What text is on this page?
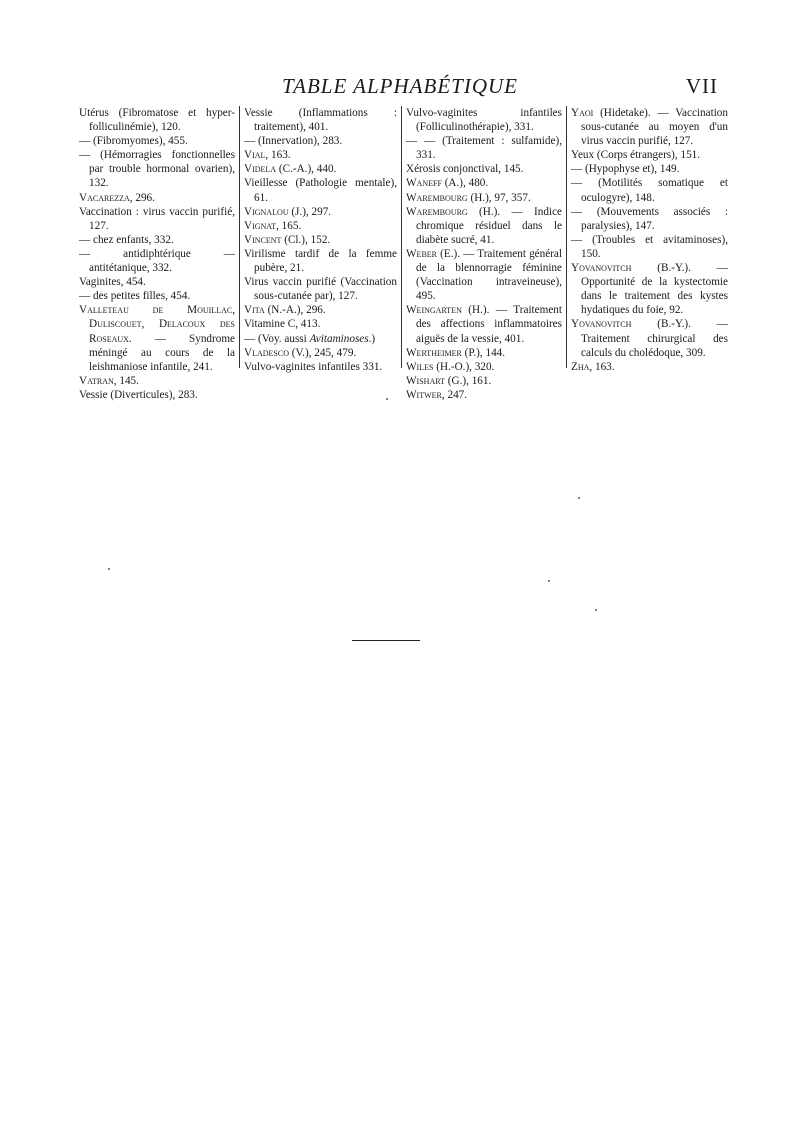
TABLE ALPHABÉTIQUE	VII

Utérus (Fibromatose et hyper-folliculinémie), 120.

— (Fibromyomes), 455.

— (Hémorragies fonctionnelles par trouble hormonal ovarien), 132.

Vacarezza, 296.

Vaccination : virus vaccin purifié, 127.

— chez enfants, 332.

— antidiphtérique — antitétanique, 332.

Vaginites, 454.

— des petites filles, 454.

Valleteau de Mouillac, Duliscouet, Delacoux des Roseaux. — Syndrome méningé au cours de la leishmaniose infantile, 241.

Vatran, 145.

Vessie (Diverticules), 283.

Vessie (Inflammations : traitement), 401.

— (Innervation), 283.

Vial, 163.

Videla (C.-A.), 440.

Vieillesse (Pathologie mentale), 61.

Vignalou (J.), 297.

Vignat, 165.

Vincent (Cl.), 152.

Virilisme tardif de la femme pubère, 21.

Virus vaccin purifié (Vaccination sous-cutanée par), 127.

Vita (N.-A.), 296.

Vitamine C, 413.

— (Voy. aussi Avitaminoses.)

Vladesco (V.), 245, 479.

Vulvo-vaginites infantiles 331.

Vulvo-vaginites infantiles (Folliculinothérapie), 331.

— — (Traitement : sulfamide), 331.

Xérosis conjonctival, 145.

Waneff (A.), 480.

Warembourg (H.), 97, 357.

Warembourg (H.). — Indice chromique résiduel dans le diabète sucré, 41.

Weber (E.). — Traitement général de la blennorragie féminine (Vaccination intraveineuse), 495.

Weingarten (H.). — Traitement des affections inflammatoires aiguës de la vessie, 401.

Wertheimer (P.), 144.

Wiles (H.-O.), 320.

Wishart (G.), 161.

Witwer, 247.

Yaoi (Hidetake). — Vaccination sous-cutanée au moyen d'un virus vaccin purifié, 127.

Yeux (Corps étrangers), 151.

— (Hypophyse et), 149.

— (Motilités somatique et oculogyre), 148.

— (Mouvements associés : paralysies), 147.

— (Troubles et avitaminoses), 150.

Yovanovitch (B.-Y.). — Opportunité de la kystectomie dans le traitement des kystes hydatiques du foie, 92.

Yovanovitch (B.-Y.). — Traitement chirurgical des calculs du cholédoque, 309.

Zha, 163.
